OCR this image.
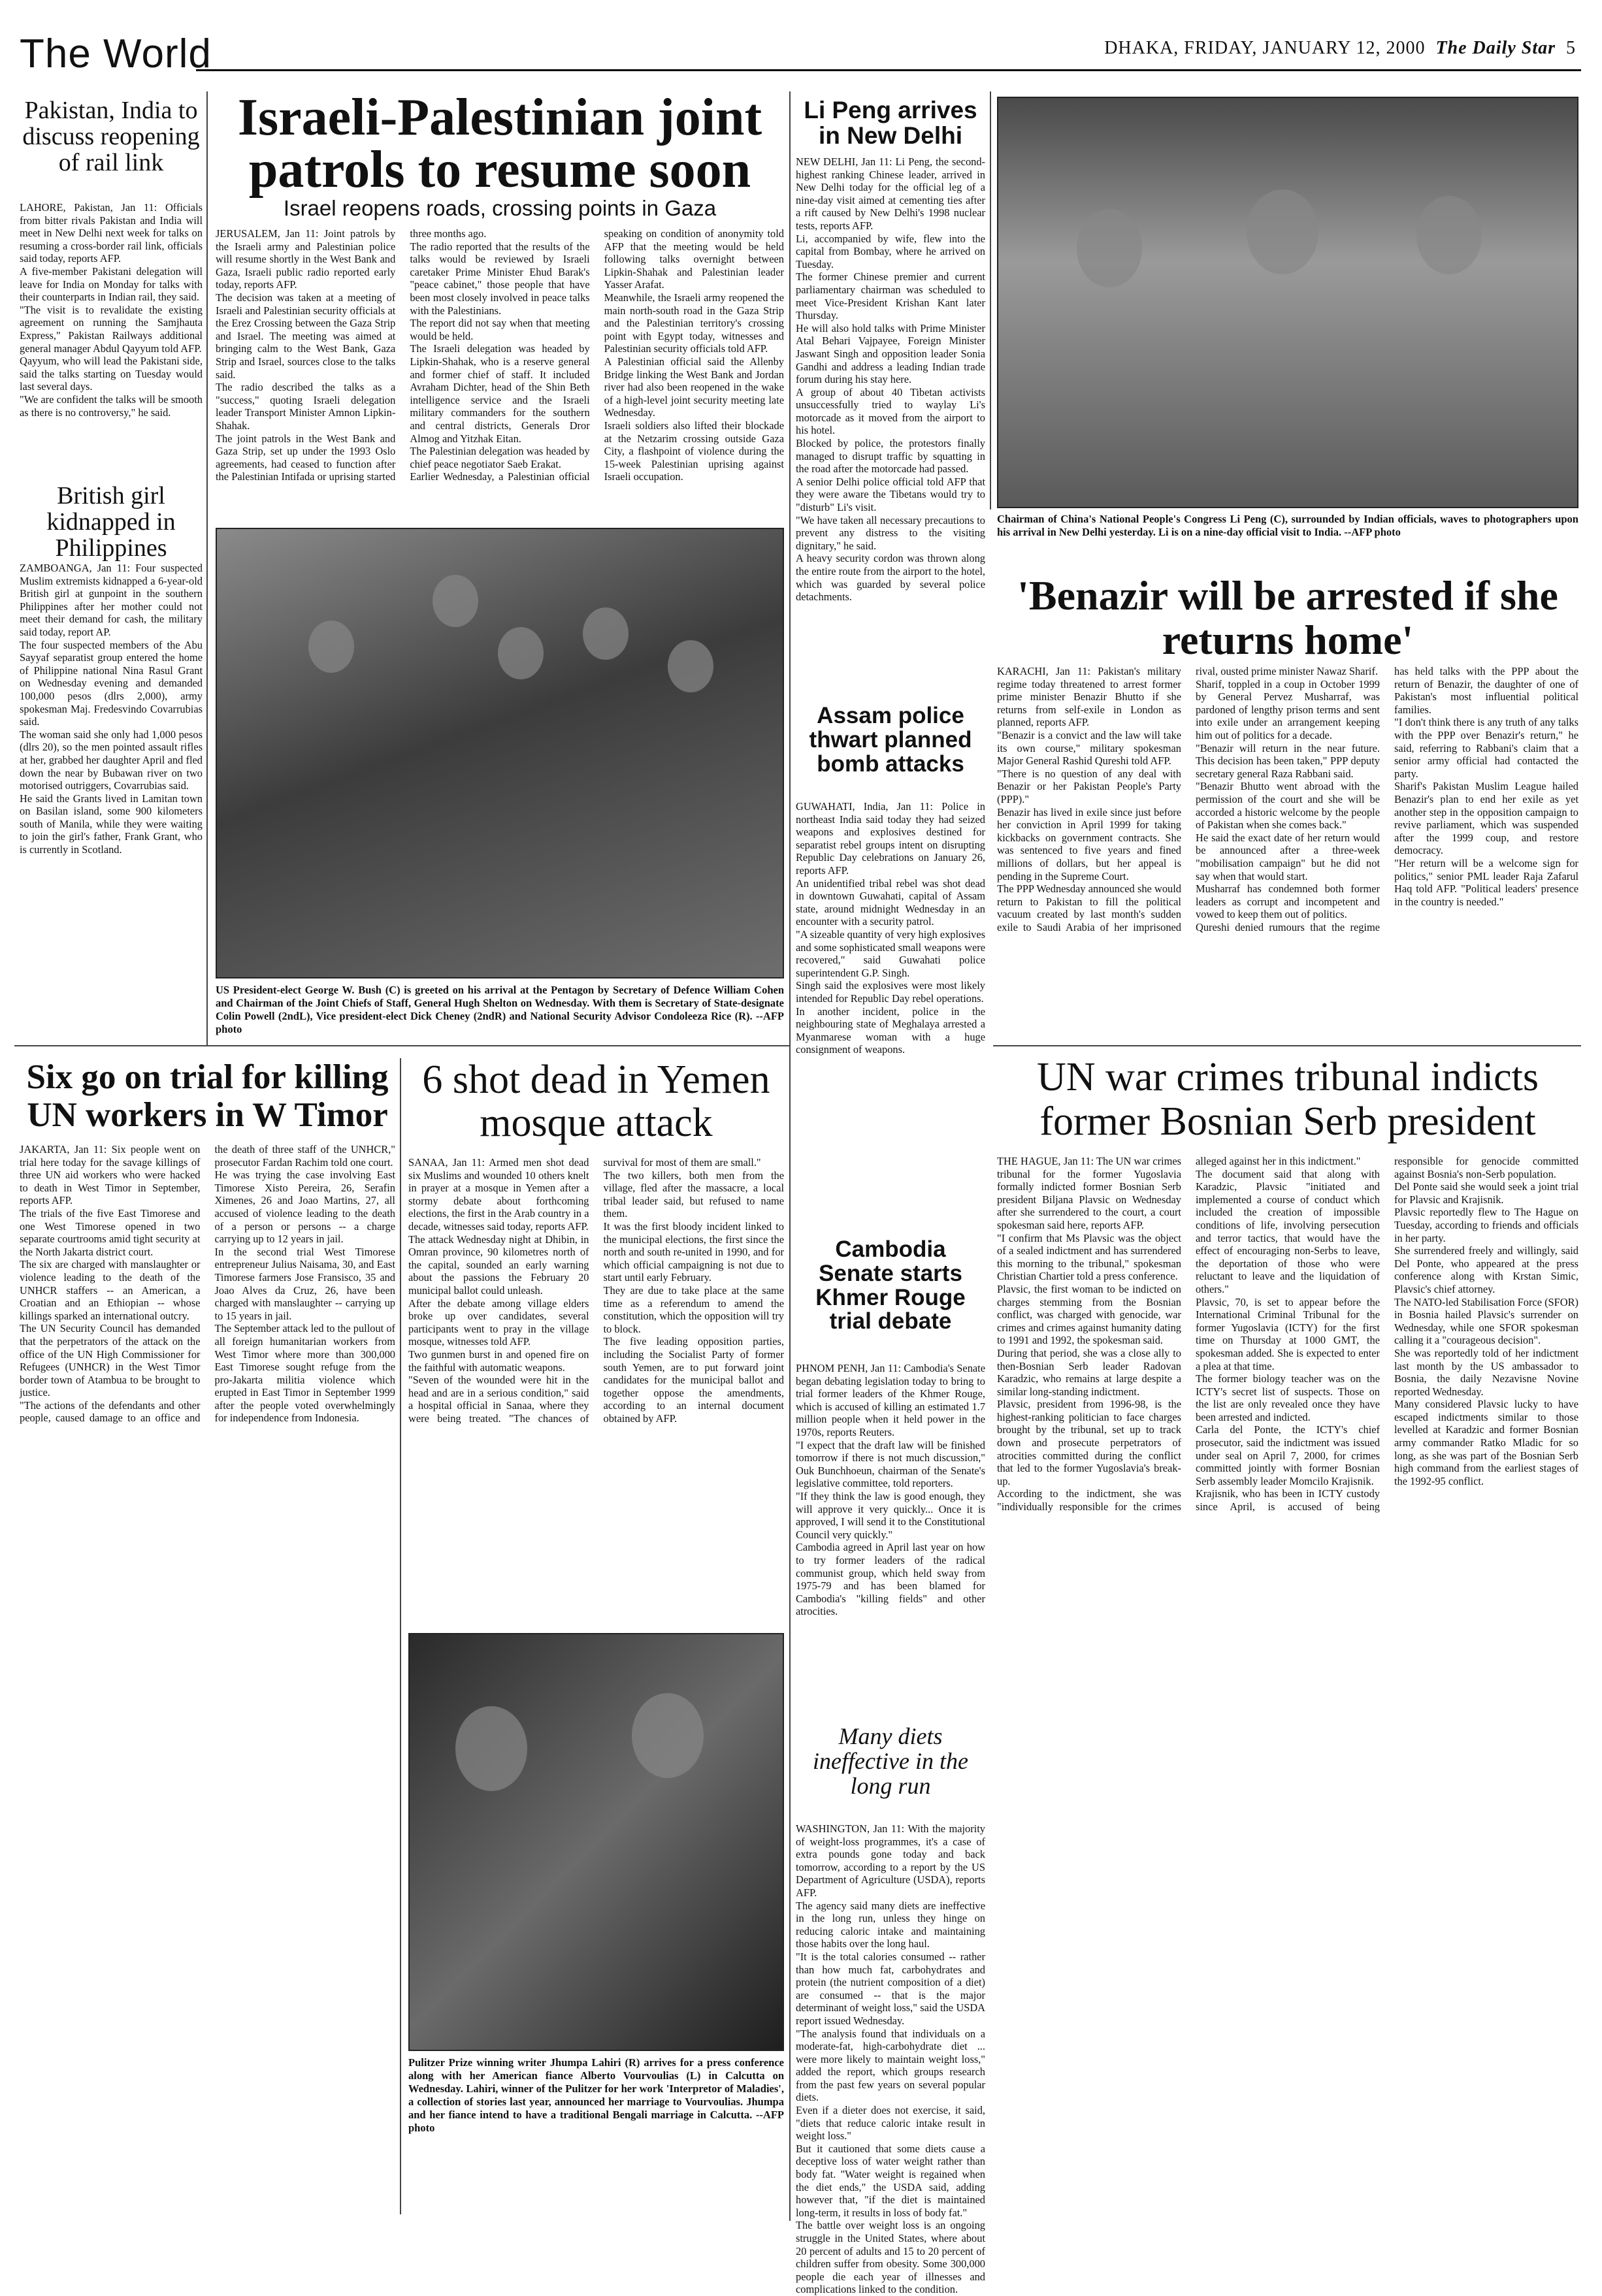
The World	DHAKA, FRIDAY, JANUARY 12, 2000 The Daily Star 5
Pakistan, India to discuss reopening of rail link
LAHORE, Pakistan, Jan 11: Officials from bitter rivals Pakistan and India will meet in New Delhi next week for talks on resuming a cross-border rail link, officials said today, reports AFP.
A five-member Pakistani delegation will leave for India on Monday for talks with their counterparts in Indian rail, they said.
"The visit is to revalidate the existing agreement on running the Samjhauta Express," Pakistan Railways additional general manager Abdul Qayyum told AFP.
Qayyum, who will lead the Pakistani side, said the talks starting on Tuesday would last several days.
"We are confident the talks will be smooth as there is no controversy," he said.
British girl kidnapped in Philippines
ZAMBOANGA, Jan 11: Four suspected Muslim extremists kidnapped a 6-year-old British girl at gunpoint in the southern Philippines after her mother could not meet their demand for cash, the military said today, report AP.
The four suspected members of the Abu Sayyaf separatist group entered the home of Philippine national Nina Rasul Grant on Wednesday evening and demanded 100,000 pesos (dlrs 2,000), army spokesman Maj. Fredesvindo Covarrubias said.
The woman said she only had 1,000 pesos (dlrs 20), so the men pointed assault rifles at her, grabbed her daughter April and fled down the near by Bubawan river on two motorised outriggers, Covarrubias said.
He said the Grants lived in Lamitan town on Basilan island, some 900 kilometers south of Manila, while they were waiting to join the girl's father, Frank Grant, who is currently in Scotland.
Israeli-Palestinian joint patrols to resume soon
Israel reopens roads, crossing points in Gaza
JERUSALEM, Jan 11: Joint patrols by the Israeli army and Palestinian police will resume shortly in the West Bank and Gaza, Israeli public radio reported early today, reports AFP.
The decision was taken at a meeting of Israeli and Palestinian security officials at the Erez Crossing between the Gaza Strip and Israel. The meeting was aimed at bringing calm to the West Bank, Gaza Strip and Israel, sources close to the talks said.
The radio described the talks as a "success," quoting Israeli delegation leader Transport Minister Amnon Lipkin-Shahak.
The joint patrols in the West Bank and Gaza Strip, set up under the 1993 Oslo agreements, had ceased to function after the Palestinian Intifada or uprising started three months ago.
The radio reported that the results of the talks would be reviewed by Israeli caretaker Prime Minister Ehud Barak's "peace cabinet," those people that have been most closely involved in peace talks with the Palestinians.
The report did not say when that meeting would be held.
The Israeli delegation was headed by Lipkin-Shahak, who is a reserve general and former chief of staff. It included Avraham Dichter, head of the Shin Beth intelligence service and the Israeli military commanders for the southern and central districts, Generals Dror Almog and Yitzhak Eitan.
The Palestinian delegation was headed by chief peace negotiator Saeb Erakat.
Earlier Wednesday, a Palestinian official speaking on condition of anonymity told AFP that the meeting would be held following talks overnight between Lipkin-Shahak and Palestinian leader Yasser Arafat.
Meanwhile, the Israeli army reopened the main north-south road in the Gaza Strip and the Palestinian territory's crossing point with Egypt today, witnesses and Palestinian security officials told AFP.
A Palestinian official said the Allenby Bridge linking the West Bank and Jordan river had also been reopened in the wake of a high-level joint security meeting late Wednesday.
Israeli soldiers also lifted their blockade at the Netzarim crossing outside Gaza City, a flashpoint of violence during the 15-week Palestinian uprising against Israeli occupation.
US President-elect George W. Bush (C) is greeted on his arrival at the Pentagon by Secretary of Defence William Cohen and Chairman of the Joint Chiefs of Staff, General Hugh Shelton on Wednesday. With them is Secretary of State-designate Colin Powell (2ndL), Vice president-elect Dick Cheney (2ndR) and National Security Advisor Condoleeza Rice (R). --AFP photo
Li Peng arrives in New Delhi
NEW DELHI, Jan 11: Li Peng, the second-highest ranking Chinese leader, arrived in New Delhi today for the official leg of a nine-day visit aimed at cementing ties after a rift caused by New Delhi's 1998 nuclear tests, reports AFP.
Li, accompanied by wife, flew into the capital from Bombay, where he arrived on Tuesday.
The former Chinese premier and current parliamentary chairman was scheduled to meet Vice-President Krishan Kant later Thursday.
He will also hold talks with Prime Minister Atal Behari Vajpayee, Foreign Minister Jaswant Singh and opposition leader Sonia Gandhi and address a leading Indian trade forum during his stay here.
A group of about 40 Tibetan activists unsuccessfully tried to waylay Li's motorcade as it moved from the airport to his hotel.
Blocked by police, the protestors finally managed to disrupt traffic by squatting in the road after the motorcade had passed.
A senior Delhi police official told AFP that they were aware the Tibetans would try to "disturb" Li's visit.
"We have taken all necessary precautions to prevent any distress to the visiting dignitary," he said.
A heavy security cordon was thrown along the entire route from the airport to the hotel, which was guarded by several police detachments.
Chairman of China's National People's Congress Li Peng (C), surrounded by Indian officials, waves to photographers upon his arrival in New Delhi yesterday. Li is on a nine-day official visit to India. --AFP photo
'Benazir will be arrested if she returns home'
KARACHI, Jan 11: Pakistan's military regime today threatened to arrest former prime minister Benazir Bhutto if she returns from self-exile in London as planned, reports AFP.
"Benazir is a convict and the law will take its own course," military spokesman Major General Rashid Qureshi told AFP.
"There is no question of any deal with Benazir or her Pakistan People's Party (PPP)."
Benazir has lived in exile since just before her conviction in April 1999 for taking kickbacks on government contracts. She was sentenced to five years and fined millions of dollars, but her appeal is pending in the Supreme Court.
The PPP Wednesday announced she would return to Pakistan to fill the political vacuum created by last month's sudden exile to Saudi Arabia of her imprisoned rival, ousted prime minister Nawaz Sharif.
Sharif, toppled in a coup in October 1999 by General Pervez Musharraf, was pardoned of lengthy prison terms and sent into exile under an arrangement keeping him out of politics for a decade.
"Benazir will return in the near future. This decision has been taken," PPP deputy secretary general Raza Rabbani said.
"Benazir Bhutto went abroad with the permission of the court and she will be accorded a historic welcome by the people of Pakistan when she comes back."
He said the exact date of her return would be announced after a three-week "mobilisation campaign" but he did not say when that would start.
Musharraf has condemned both former leaders as corrupt and incompetent and vowed to keep them out of politics.
Qureshi denied rumours that the regime has held talks with the PPP about the return of Benazir, the daughter of one of Pakistan's most influential political families.
"I don't think there is any truth of any talks with the PPP over Benazir's return," he said, referring to Rabbani's claim that a senior army official had contacted the party.
Sharif's Pakistan Muslim League hailed Benazir's plan to end her exile as yet another step in the opposition campaign to revive parliament, which was suspended after the 1999 coup, and restore democracy.
"Her return will be a welcome sign for politics," senior PML leader Raja Zafarul Haq told AFP. "Political leaders' presence in the country is needed."
Assam police thwart planned bomb attacks
GUWAHATI, India, Jan 11: Police in northeast India said today they had seized weapons and explosives destined for separatist rebel groups intent on disrupting Republic Day celebrations on January 26, reports AFP.
An unidentified tribal rebel was shot dead in downtown Guwahati, capital of Assam state, around midnight Wednesday in an encounter with a security patrol.
"A sizeable quantity of very high explosives and some sophisticated small weapons were recovered," said Guwahati police superintendent G.P. Singh.
Singh said the explosives were most likely intended for Republic Day rebel operations.
In another incident, police in the neighbouring state of Meghalaya arrested a Myanmarese woman with a huge consignment of weapons.
Six go on trial for killing UN workers in W Timor
JAKARTA, Jan 11: Six people went on trial here today for the savage killings of three UN aid workers who were hacked to death in West Timor in September, reports AFP.
The trials of the five East Timorese and one West Timorese opened in two separate courtrooms amid tight security at the North Jakarta district court.
The six are charged with manslaughter or violence leading to the death of the UNHCR staffers -- an American, a Croatian and an Ethiopian -- whose killings sparked an international outcry.
The UN Security Council has demanded that the perpetrators of the attack on the office of the UN High Commissioner for Refugees (UNHCR) in the West Timor border town of Atambua to be brought to justice.
"The actions of the defendants and other people, caused damage to an office and the death of three staff of the UNHCR," prosecutor Fardan Rachim told one court.
He was trying the case involving East Timorese Xisto Pereira, 26, Serafin Ximenes, 26 and Joao Martins, 27, all accused of violence leading to the death of a person or persons -- a charge carrying up to 12 years in jail.
In the second trial West Timorese entrepreneur Julius Naisama, 30, and East Timorese farmers Jose Fransisco, 35 and Joao Alves da Cruz, 26, have been charged with manslaughter -- carrying up to 15 years in jail.
The September attack led to the pullout of all foreign humanitarian workers from West Timor where more than 300,000 East Timorese sought refuge from the pro-Jakarta militia violence which erupted in East Timor in September 1999 after the people voted overwhelmingly for independence from Indonesia.
6 shot dead in Yemen mosque attack
SANAA, Jan 11: Armed men shot dead six Muslims and wounded 10 others knelt in prayer at a mosque in Yemen after a stormy debate about forthcoming elections, the first in the Arab country in a decade, witnesses said today, reports AFP.
The attack Wednesday night at Dhibin, in Omran province, 90 kilometres north of the capital, sounded an early warning about the passions the February 20 municipal ballot could unleash.
After the debate among village elders broke up over candidates, several participants went to pray in the village mosque, witnesses told AFP.
Two gunmen burst in and opened fire on the faithful with automatic weapons.
"Seven of the wounded were hit in the head and are in a serious condition," said a hospital official in Sanaa, where they were being treated. "The chances of survival for most of them are small."
The two killers, both men from the village, fled after the massacre, a local tribal leader said, but refused to name them.
It was the first bloody incident linked to the municipal elections, the first since the north and south re-united in 1990, and for which official campaigning is not due to start until early February.
They are due to take place at the same time as a referendum to amend the constitution, which the opposition will try to block.
The five leading opposition parties, including the Socialist Party of former south Yemen, are to put forward joint candidates for the municipal ballot and together oppose the amendments, according to an internal document obtained by AFP.
Pulitzer Prize winning writer Jhumpa Lahiri (R) arrives for a press conference along with her American fiance Alberto Vourvoulias (L) in Calcutta on Wednesday. Lahiri, winner of the Pulitzer for her work 'Interpretor of Maladies', a collection of stories last year, announced her marriage to Vourvoulias. Jhumpa and her fiance intend to have a traditional Bengali marriage in Calcutta. --AFP photo
Cambodia Senate starts Khmer Rouge trial debate
PHNOM PENH, Jan 11: Cambodia's Senate began debating legislation today to bring to trial former leaders of the Khmer Rouge, which is accused of killing an estimated 1.7 million people when it held power in the 1970s, reports Reuters.
"I expect that the draft law will be finished tomorrow if there is not much discussion," Ouk Bunchhoeun, chairman of the Senate's legislative committee, told reporters.
"If they think the law is good enough, they will approve it very quickly... Once it is approved, I will send it to the Constitutional Council very quickly."
Cambodia agreed in April last year on how to try former leaders of the radical communist group, which held sway from 1975-79 and has been blamed for Cambodia's "killing fields" and other atrocities.
Many diets ineffective in the long run
WASHINGTON, Jan 11: With the majority of weight-loss programmes, it's a case of extra pounds gone today and back tomorrow, according to a report by the US Department of Agriculture (USDA), reports AFP.
The agency said many diets are ineffective in the long run, unless they hinge on reducing caloric intake and maintaining those habits over the long haul.
"It is the total calories consumed -- rather than how much fat, carbohydrates and protein (the nutrient composition of a diet) are consumed -- that is the major determinant of weight loss," said the USDA report issued Wednesday.
"The analysis found that individuals on a moderate-fat, high-carbohydrate diet ... were more likely to maintain weight loss," added the report, which groups research from the past few years on several popular diets.
Even if a dieter does not exercise, it said, "diets that reduce caloric intake result in weight loss."
But it cautioned that some diets cause a deceptive loss of water weight rather than body fat. "Water weight is regained when the diet ends," the USDA said, adding however that, "if the diet is maintained long-term, it results in loss of body fat."
The battle over weight loss is an ongoing struggle in the United States, where about 20 percent of adults and 15 to 20 percent of children suffer from obesity. Some 300,000 people die each year of illnesses and complications linked to the condition.
UN war crimes tribunal indicts former Bosnian Serb president
THE HAGUE, Jan 11: The UN war crimes tribunal for the former Yugoslavia formally indicted former Bosnian Serb president Biljana Plavsic on Wednesday after she surrendered to the court, a court spokesman said here, reports AFP.
"I confirm that Ms Plavsic was the object of a sealed indictment and has surrendered this morning to the tribunal," spokesman Christian Chartier told a press conference.
Plavsic, the first woman to be indicted on charges stemming from the Bosnian conflict, was charged with genocide, war crimes and crimes against humanity dating to 1991 and 1992, the spokesman said.
During that period, she was a close ally to then-Bosnian Serb leader Radovan Karadzic, who remains at large despite a similar long-standing indictment.
Plavsic, president from 1996-98, is the highest-ranking politician to face charges brought by the tribunal, set up to track down and prosecute perpetrators of atrocities committed during the conflict that led to the former Yugoslavia's break-up.
According to the indictment, she was "individually responsible for the crimes alleged against her in this indictment."
The document said that along with Karadzic, Plavsic "initiated and implemented a course of conduct which included the creation of impossible conditions of life, involving persecution and terror tactics, that would have the effect of encouraging non-Serbs to leave, the deportation of those who were reluctant to leave and the liquidation of others."
Plavsic, 70, is set to appear before the International Criminal Tribunal for the former Yugoslavia (ICTY) for the first time on Thursday at 1000 GMT, the spokesman added. She is expected to enter a plea at that time.
The former biology teacher was on the ICTY's secret list of suspects. Those on the list are only revealed once they have been arrested and indicted.
Carla del Ponte, the ICTY's chief prosecutor, said the indictment was issued under seal on April 7, 2000, for crimes committed jointly with former Bosnian Serb assembly leader Momcilo Krajisnik.
Krajisnik, who has been in ICTY custody since April, is accused of being responsible for genocide committed against Bosnia's non-Serb population.
Del Ponte said she would seek a joint trial for Plavsic and Krajisnik.
Plavsic reportedly flew to The Hague on Tuesday, according to friends and officials in her party.
She surrendered freely and willingly, said Del Ponte, who appeared at the press conference along with Krstan Simic, Plavsic's chief attorney.
The NATO-led Stabilisation Force (SFOR) in Bosnia hailed Plavsic's surrender on Wednesday, while one SFOR spokesman calling it a "courageous decision".
She was reportedly told of her indictment last month by the US ambassador to Bosnia, the daily Nezavisne Novine reported Wednesday.
Many considered Plavsic lucky to have escaped indictments similar to those levelled at Karadzic and former Bosnian army commander Ratko Mladic for so long, as she was part of the Bosnian Serb high command from the earliest stages of the 1992-95 conflict.
